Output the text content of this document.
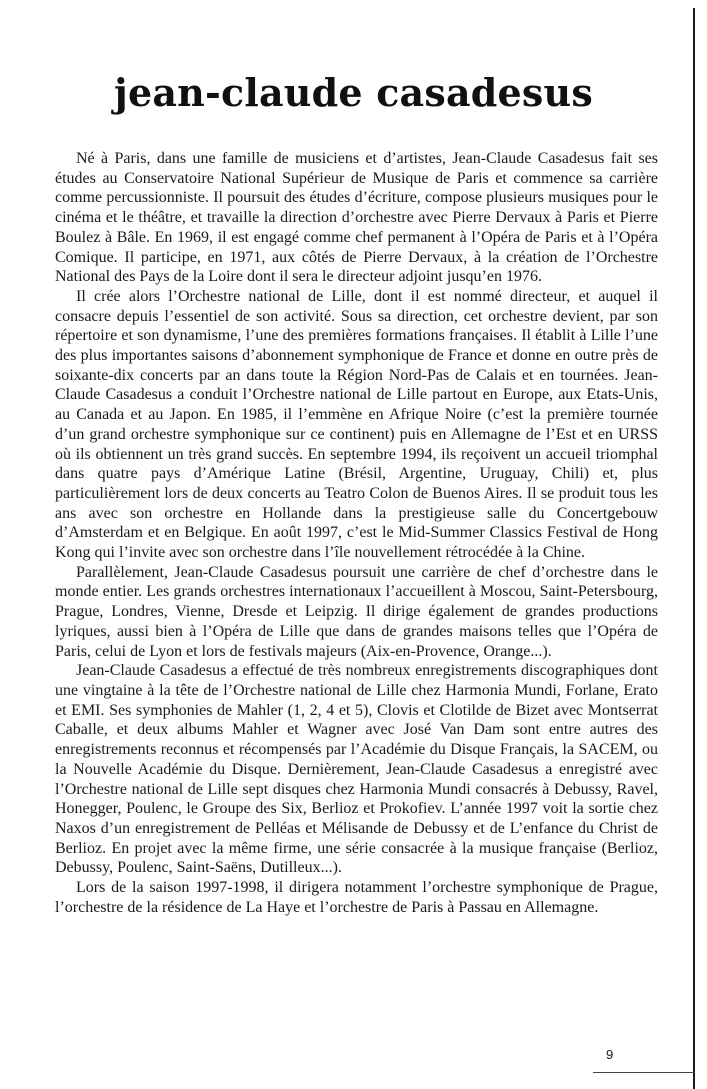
jean-claude casadesus

Né à Paris, dans une famille de musiciens et d’artistes, Jean-Claude Casadesus fait ses études au Conservatoire National Supérieur de Musique de Paris et commence sa carrière comme percussionniste. Il poursuit des études d’écriture, compose plusieurs musiques pour le cinéma et le théâtre, et travaille la direction d’orchestre avec Pierre Dervaux à Paris et Pierre Boulez à Bâle. En 1969, il est engagé comme chef permanent à l’Opéra de Paris et à l’Opéra Comique. Il participe, en 1971, aux côtés de Pierre Dervaux, à la création de l’Orchestre National des Pays de la Loire dont il sera le directeur adjoint jusqu’en 1976.

Il crée alors l’Orchestre national de Lille, dont il est nommé directeur, et auquel il consacre depuis l’essentiel de son activité. Sous sa direction, cet orchestre devient, par son répertoire et son dynamisme, l’une des premières formations françaises. Il établit à Lille l’une des plus importantes saisons d’abonnement symphonique de France et donne en outre près de soixante-dix concerts par an dans toute la Région Nord-Pas de Calais et en tournées. Jean-Claude Casadesus a conduit l’Orchestre national de Lille partout en Europe, aux Etats-Unis, au Canada et au Japon. En 1985, il l’emmène en Afrique Noire (c’est la première tournée d’un grand orchestre symphonique sur ce continent) puis en Allemagne de l’Est et en URSS où ils obtiennent un très grand succès. En septembre 1994, ils reçoivent un accueil triomphal dans quatre pays d’Amérique Latine (Brésil, Argentine, Uruguay, Chili) et, plus particulièrement lors de deux concerts au Teatro Colon de Buenos Aires. Il se produit tous les ans avec son orchestre en Hollande dans la prestigieuse salle du Concertgebouw d’Amsterdam et en Belgique. En août 1997, c’est le Mid-Summer Classics Festival de Hong Kong qui l’invite avec son orchestre dans l’île nouvellement rétrocédée à la Chine.

Parallèlement, Jean-Claude Casadesus poursuit une carrière de chef d’orchestre dans le monde entier. Les grands orchestres internationaux l’accueillent à Moscou, Saint-Petersbourg, Prague, Londres, Vienne, Dresde et Leipzig. Il dirige également de grandes productions lyriques, aussi bien à l’Opéra de Lille que dans de grandes maisons telles que l’Opéra de Paris, celui de Lyon et lors de festivals majeurs (Aix-en-Provence, Orange...).

Jean-Claude Casadesus a effectué de très nombreux enregistrements discographiques dont une vingtaine à la tête de l’Orchestre national de Lille chez Harmonia Mundi, Forlane, Erato et EMI. Ses symphonies de Mahler (1, 2, 4 et 5), Clovis et Clotilde de Bizet avec Montserrat Caballe, et deux albums Mahler et Wagner avec José Van Dam sont entre autres des enregistrements reconnus et récompensés par l’Académie du Disque Français, la SACEM, ou la Nouvelle Académie du Disque. Dernièrement, Jean-Claude Casadesus a enregistré avec l’Orchestre national de Lille sept disques chez Harmonia Mundi consacrés à Debussy, Ravel, Honegger, Poulenc, le Groupe des Six, Berlioz et Prokofiev. L’année 1997 voit la sortie chez Naxos d’un enregistrement de Pelléas et Mélisande de Debussy et de L’enfance du Christ de Berlioz. En projet avec la même firme, une série consacrée à la musique française (Berlioz, Debussy, Poulenc, Saint-Saëns, Dutilleux...).

Lors de la saison 1997-1998, il dirigera notamment l’orchestre symphonique de Prague, l’orchestre de la résidence de La Haye et l’orchestre de Paris à Passau en Allemagne.

9
